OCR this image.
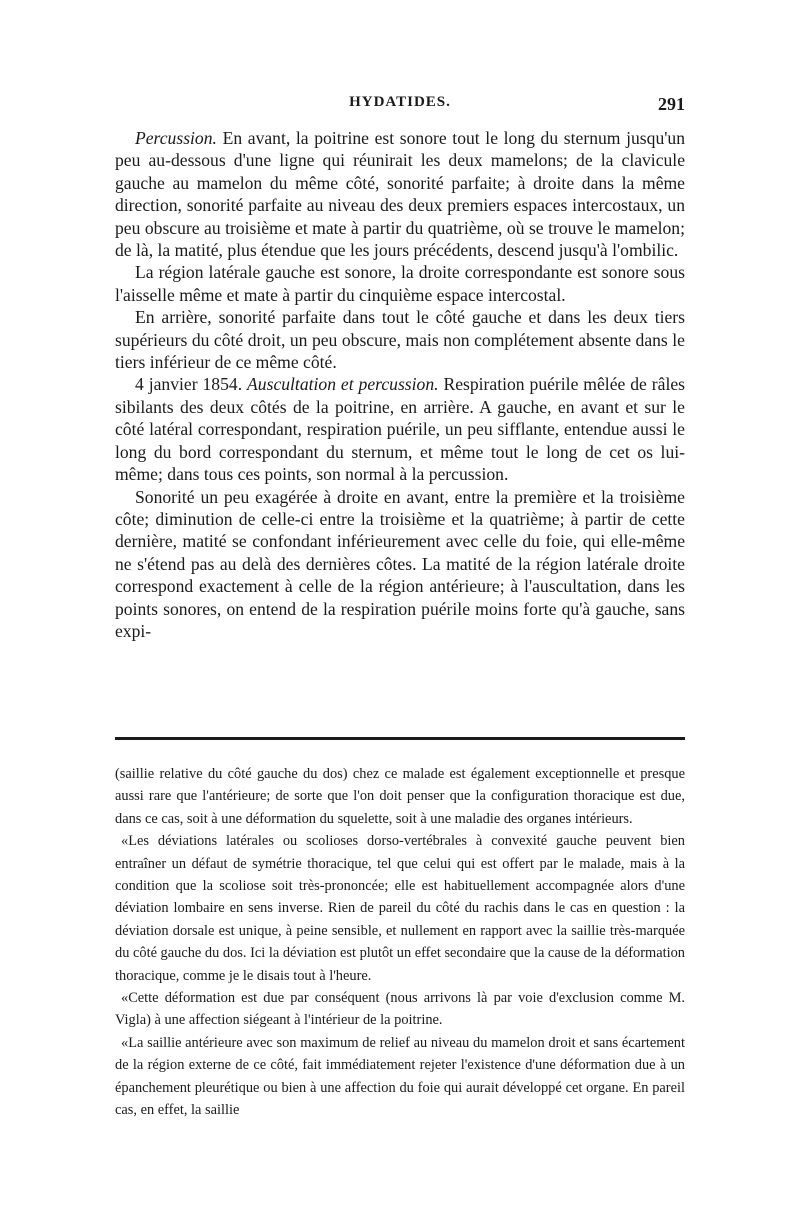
HYDATIDES.	291

Percussion. En avant, la poitrine est sonore tout le long du sternum jusqu'un peu au-dessous d'une ligne qui réunirait les deux mamelons; de la clavicule gauche au mamelon du même côté, sonorité parfaite; à droite dans la même direction, sonorité parfaite au niveau des deux premiers espaces intercostaux, un peu obscure au troisième et mate à partir du quatrième, où se trouve le mamelon; de là, la matité, plus étendue que les jours précédents, descend jusqu'à l'ombilic.

La région latérale gauche est sonore, la droite correspondante est sonore sous l'aisselle même et mate à partir du cinquième espace intercostal.

En arrière, sonorité parfaite dans tout le côté gauche et dans les deux tiers supérieurs du côté droit, un peu obscure, mais non complétement absente dans le tiers inférieur de ce même côté.

4 janvier 1854. Auscultation et percussion. Respiration puérile mêlée de râles sibilants des deux côtés de la poitrine, en arrière. A gauche, en avant et sur le côté latéral correspondant, respiration puérile, un peu sifflante, entendue aussi le long du bord correspondant du sternum, et même tout le long de cet os lui-même; dans tous ces points, son normal à la percussion.

Sonorité un peu exagérée à droite en avant, entre la première et la troisième côte; diminution de celle-ci entre la troisième et la quatrième; à partir de cette dernière, matité se confondant inférieurement avec celle du foie, qui elle-même ne s'étend pas au delà des dernières côtes. La matité de la région latérale droite correspond exactement à celle de la région antérieure; à l'auscultation, dans les points sonores, on entend de la respiration puérile moins forte qu'à gauche, sans expi-

(saillie relative du côté gauche du dos) chez ce malade est également exceptionnelle et presque aussi rare que l'antérieure; de sorte que l'on doit penser que la configuration thoracique est due, dans ce cas, soit à une déformation du squelette, soit à une maladie des organes intérieurs.

«Les déviations latérales ou scolioses dorso-vertébrales à convexité gauche peuvent bien entraîner un défaut de symétrie thoracique, tel que celui qui est offert par le malade, mais à la condition que la scoliose soit très-prononcée; elle est habituellement accompagnée alors d'une déviation lombaire en sens inverse. Rien de pareil du côté du rachis dans le cas en question : la déviation dorsale est unique, à peine sensible, et nullement en rapport avec la saillie très-marquée du côté gauche du dos. Ici la déviation est plutôt un effet secondaire que la cause de la déformation thoracique, comme je le disais tout à l'heure.

«Cette déformation est due par conséquent (nous arrivons là par voie d'exclusion comme M. Vigla) à une affection siégeant à l'intérieur de la poitrine.

«La saillie antérieure avec son maximum de relief au niveau du mamelon droit et sans écartement de la région externe de ce côté, fait immédiatement rejeter l'existence d'une déformation due à un épanchement pleurétique ou bien à une affection du foie qui aurait développé cet organe. En pareil cas, en effet, la saillie
